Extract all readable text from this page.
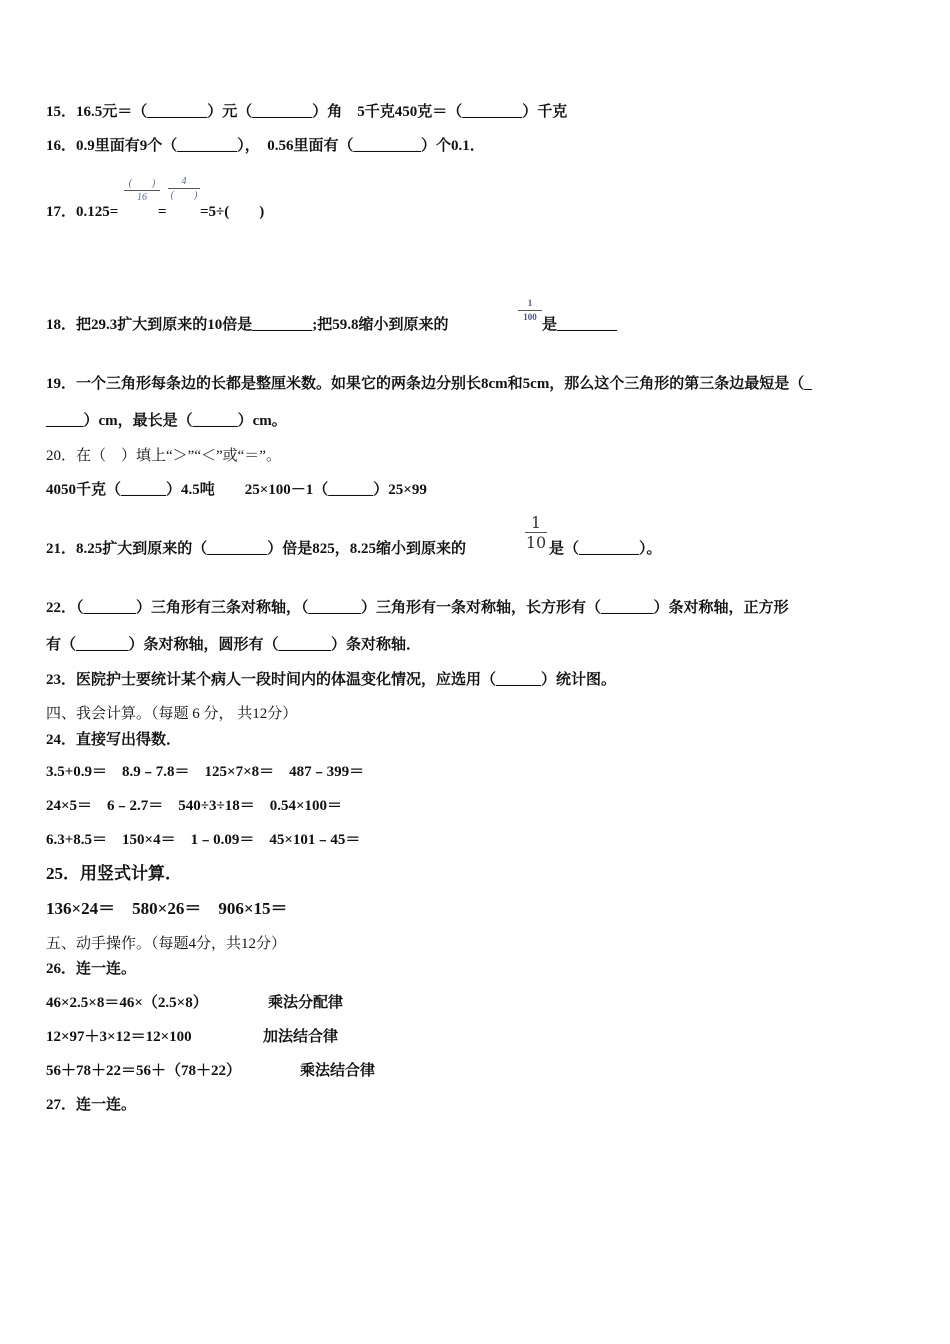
15．16.5元＝（________）元（________）角　5千克450克＝（________）千克
16．0.9里面有9个（________），　0.56里面有（_________）个0.1．
17．0.125=
(　　)
16
=
4
(　　)
=5÷(　　)
18．把29.3扩大到原来的10倍是________;把59.8缩小到原来的
1
100 是________
19．一个三角形每条边的长都是整厘米数。如果它的两条边分别长8cm和5cm，那么这个三角形的第三条边最短是（_
_____）cm，最长是（______）cm。
20．在（　）填上“＞”“＜”或“＝”。
4050千克（______）4.5吨　　25×100－1（______）25×99
21．8.25扩大到原来的（________）倍是825，8.25缩小到原来的
1
10 是（________）。
22．（_______）三角形有三条对称轴，（_______）三角形有一条对称轴，长方形有（_______）条对称轴，正方形
有（_______）条对称轴，圆形有（_______）条对称轴．
23．医院护士要统计某个病人一段时间内的体温变化情况，应选用（______）统计图。
四、我会计算。（每题 6 分， 共12分）
24．直接写出得数．
3.5+0.9＝　8.9﹣7.8＝　125×7×8＝　487﹣399＝
24×5＝　6﹣2.7＝　540÷3÷18＝　0.54×100＝
6.3+8.5＝　150×4＝　1﹣0.09＝　45×101﹣45＝
25．用竖式计算．
136×24＝　580×26＝　906×15＝
五、动手操作。（每题4分，共12分）
26．连一连。
46×2.5×8＝46×（2.5×8）	乘法分配律
12×97＋3×12＝12×100	加法结合律
56＋78＋22＝56＋（78＋22）	乘法结合律
27．连一连。
